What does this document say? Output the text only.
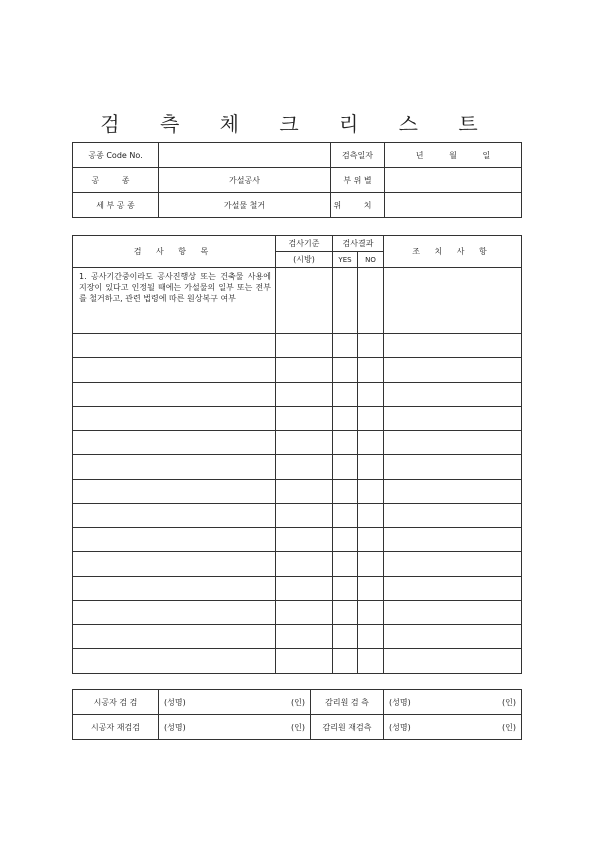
검 측 체 크 리 스 트
공종 Code No.		검측일자	년 월 일

공 종	가설공사	부 위 별	
세 부 공 종	가설물 철거	위 치	
검 사 항 목	검사기준	검사결과		조 치 사 항
	(시방)	YES	NO	
1. 공사기간중이라도 공사진행상 또는 건축물 사용에 지장이 있다고 인정될 때에는 가설물의 일부 또는 전부를 철거하고, 관련 법령에 따른 원상복구 여부				

시공자 검 검	(성명) (인)	감리원 검 측	(성명) (인)

시공자 재검검	(성명) (인)	감리원 재검측	(성명) (인)
